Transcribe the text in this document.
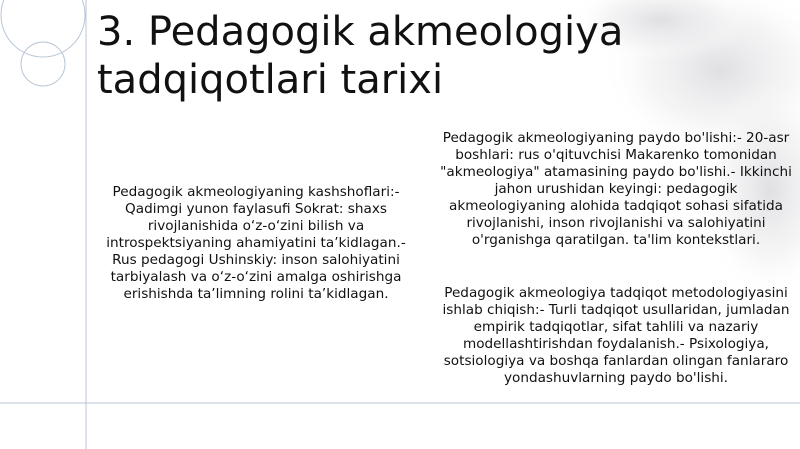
3. Pedagogik akmeologiya tadqiqotlari tarixi

Pedagogik akmeologiyaning kashshoflari:- Qadimgi yunon faylasufi Sokrat: shaxs rivojlanishida o‘z-o‘zini bilish va introspektsiyaning ahamiyatini ta’kidlagan.- Rus pedagogi Ushinskiy: inson salohiyatini tarbiyalash va o‘z-o‘zini amalga oshirishga erishishda ta’limning rolini ta’kidlagan.

Pedagogik akmeologiyaning paydo bo'lishi:- 20-asr boshlari: rus o'qituvchisi Makarenko tomonidan "akmeologiya" atamasining paydo bo'lishi.- Ikkinchi jahon urushidan keyingi: pedagogik akmeologiyaning alohida tadqiqot sohasi sifatida rivojlanishi, inson rivojlanishi va salohiyatini o'rganishga qaratilgan. ta'lim kontekstlari.

Pedagogik akmeologiya tadqiqot metodologiyasini ishlab chiqish:- Turli tadqiqot usullaridan, jumladan empirik tadqiqotlar, sifat tahlili va nazariy modellashtirishdan foydalanish.- Psixologiya, sotsiologiya va boshqa fanlardan olingan fanlararo yondashuvlarning paydo bo'lishi.
